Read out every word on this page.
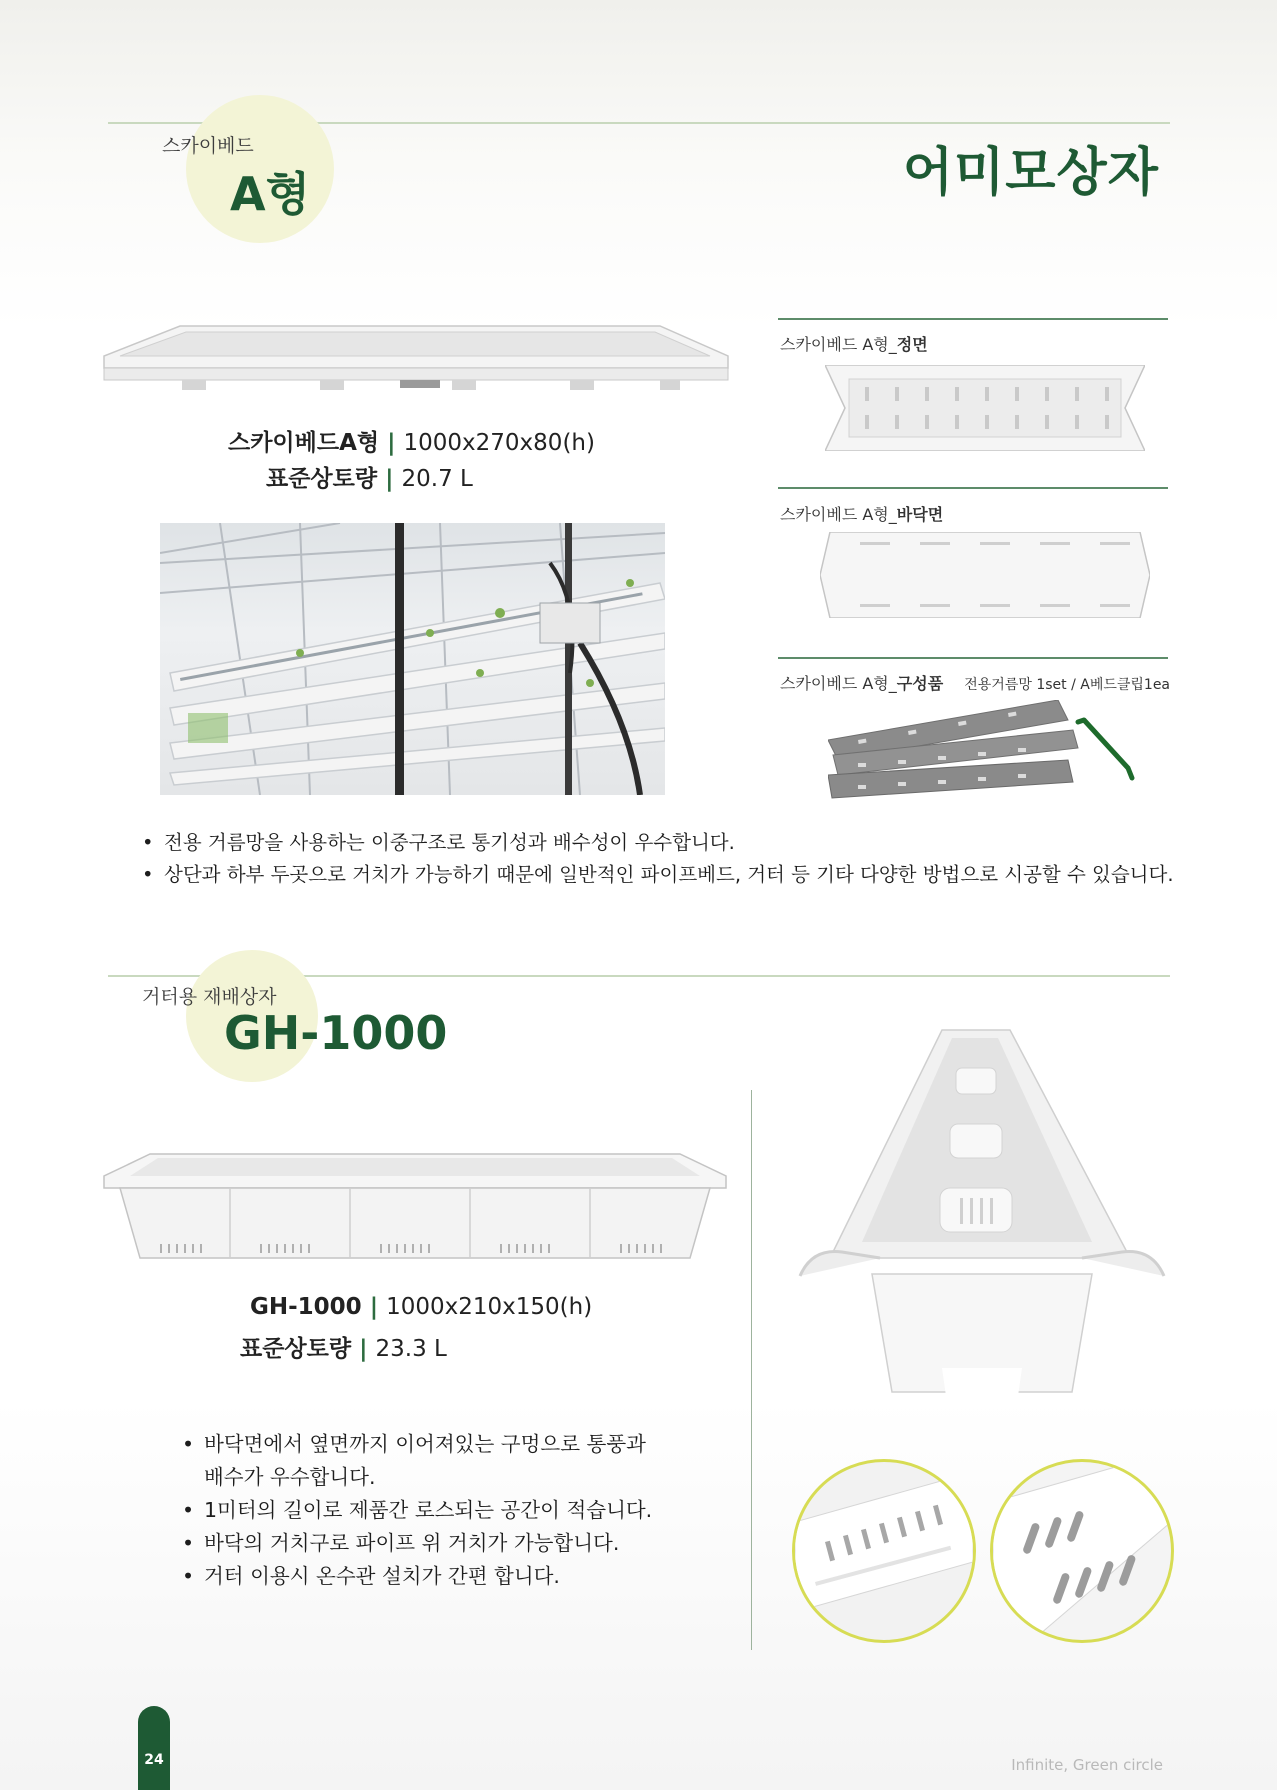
스카이베드
A형	어미모상자
스카이베드A형 | 1000x270x80(h)
표준상토량 | 20.7 L
스카이베드 A형_정면
스카이베드 A형_바닥면
스카이베드 A형_구성품 전용거름망 1set / A베드클립1ea
• 전용 거름망을 사용하는 이중구조로 통기성과 배수성이 우수합니다.
• 상단과 하부 두곳으로 거치가 가능하기 때문에 일반적인 파이프베드, 거터 등 기타 다양한 방법으로 시공할 수 있습니다.
거터용 재배상자
GH-1000
GH-1000 | 1000x210x150(h)
표준상토량 | 23.3 L
• 바닥면에서 옆면까지 이어져있는 구멍으로 통풍과
배수가 우수합니다.
• 1미터의 길이로 제품간 로스되는 공간이 적습니다.
• 바닥의 거치구로 파이프 위 거치가 가능합니다.
• 거터 이용시 온수관 설치가 간편 합니다.
24	Infinite, Green circle
